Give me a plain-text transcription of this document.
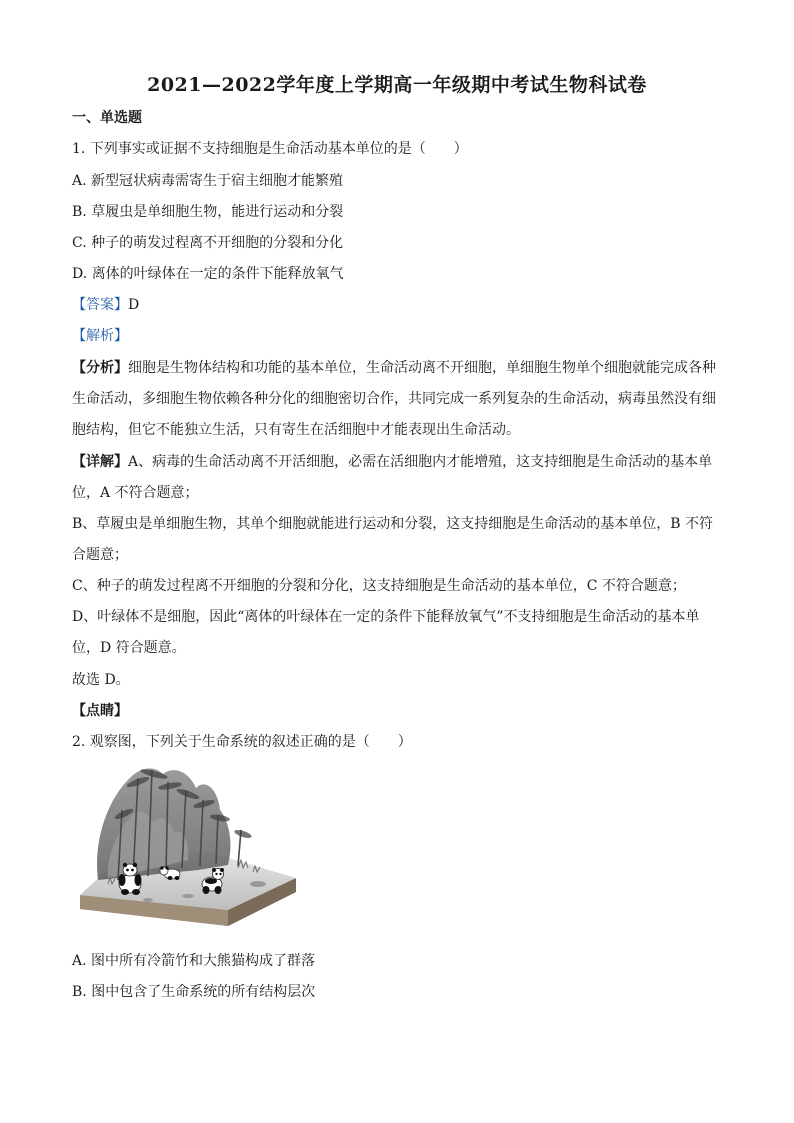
2021—2022学年度上学期高一年级期中考试生物科试卷
一、单选题
1. 下列事实或证据不支持细胞是生命活动基本单位的是（　　）
A. 新型冠状病毒需寄生于宿主细胞才能繁殖
B. 草履虫是单细胞生物，能进行运动和分裂
C. 种子的萌发过程离不开细胞的分裂和分化
D. 离体的叶绿体在一定的条件下能释放氧气
【答案】D
【解析】
【分析】细胞是生物体结构和功能的基本单位，生命活动离不开细胞，单细胞生物单个细胞就能完成各种
生命活动，多细胞生物依赖各种分化的细胞密切合作，共同完成一系列复杂的生命活动，病毒虽然没有细
胞结构，但它不能独立生活，只有寄生在活细胞中才能表现出生命活动。
【详解】A、病毒的生命活动离不开活细胞，必需在活细胞内才能增殖，这支持细胞是生命活动的基本单
位，A 不符合题意；
B、草履虫是单细胞生物，其单个细胞就能进行运动和分裂，这支持细胞是生命活动的基本单位，B 不符
合题意；
C、种子的萌发过程离不开细胞的分裂和分化，这支持细胞是生命活动的基本单位，C 不符合题意；
D、叶绿体不是细胞，因此“离体的叶绿体在一定的条件下能释放氧气”不支持细胞是生命活动的基本单
位，D 符合题意。
故选 D。
【点睛】
2. 观察图，下列关于生命系统的叙述正确的是（　　）
A. 图中所有冷箭竹和大熊猫构成了群落
B. 图中包含了生命系统的所有结构层次
